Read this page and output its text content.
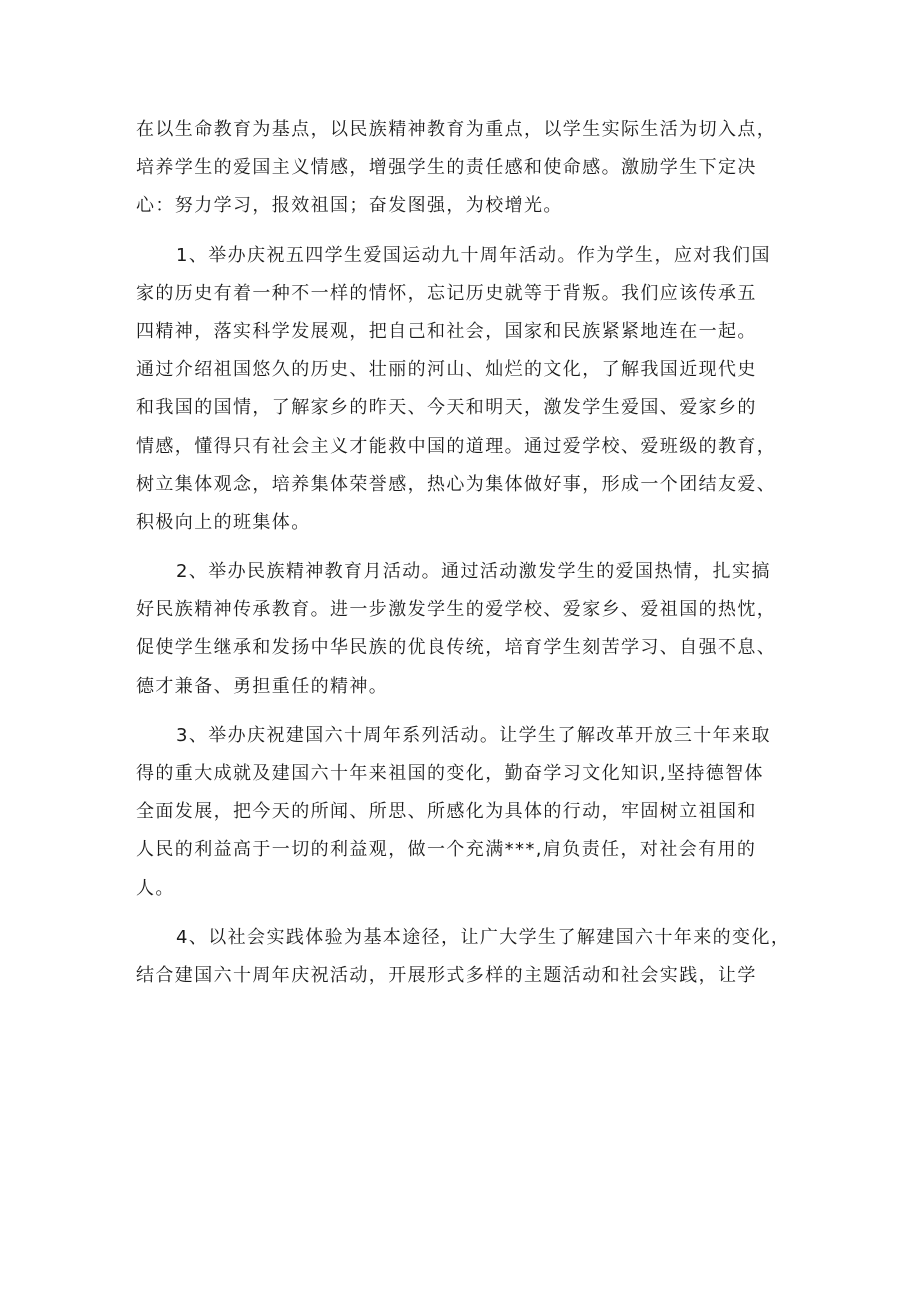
在以生命教育为基点，以民族精神教育为重点，以学生实际生活为切入点，
培养学生的爱国主义情感，增强学生的责任感和使命感。激励学生下定决
心：努力学习，报效祖国；奋发图强，为校增光。
1、举办庆祝五四学生爱国运动九十周年活动。作为学生，应对我们国
家的历史有着一种不一样的情怀，忘记历史就等于背叛。我们应该传承五
四精神，落实科学发展观，把自己和社会，国家和民族紧紧地连在一起。
通过介绍祖国悠久的历史、壮丽的河山、灿烂的文化，了解我国近现代史
和我国的国情，了解家乡的昨天、今天和明天，激发学生爱国、爱家乡的
情感，懂得只有社会主义才能救中国的道理。通过爱学校、爱班级的教育，
树立集体观念，培养集体荣誉感，热心为集体做好事，形成一个团结友爱、
积极向上的班集体。
2、举办民族精神教育月活动。通过活动激发学生的爱国热情，扎实搞
好民族精神传承教育。进一步激发学生的爱学校、爱家乡、爱祖国的热忱，
促使学生继承和发扬中华民族的优良传统，培育学生刻苦学习、自强不息、
德才兼备、勇担重任的精神。
3、举办庆祝建国六十周年系列活动。让学生了解改革开放三十年来取
得的重大成就及建国六十年来祖国的变化，勤奋学习文化知识,坚持德智体
全面发展，把今天的所闻、所思、所感化为具体的行动，牢固树立祖国和
人民的利益高于一切的利益观，做一个充满***,肩负责任，对社会有用的
人。
4、以社会实践体验为基本途径，让广大学生了解建国六十年来的变化，
结合建国六十周年庆祝活动，开展形式多样的主题活动和社会实践，让学
